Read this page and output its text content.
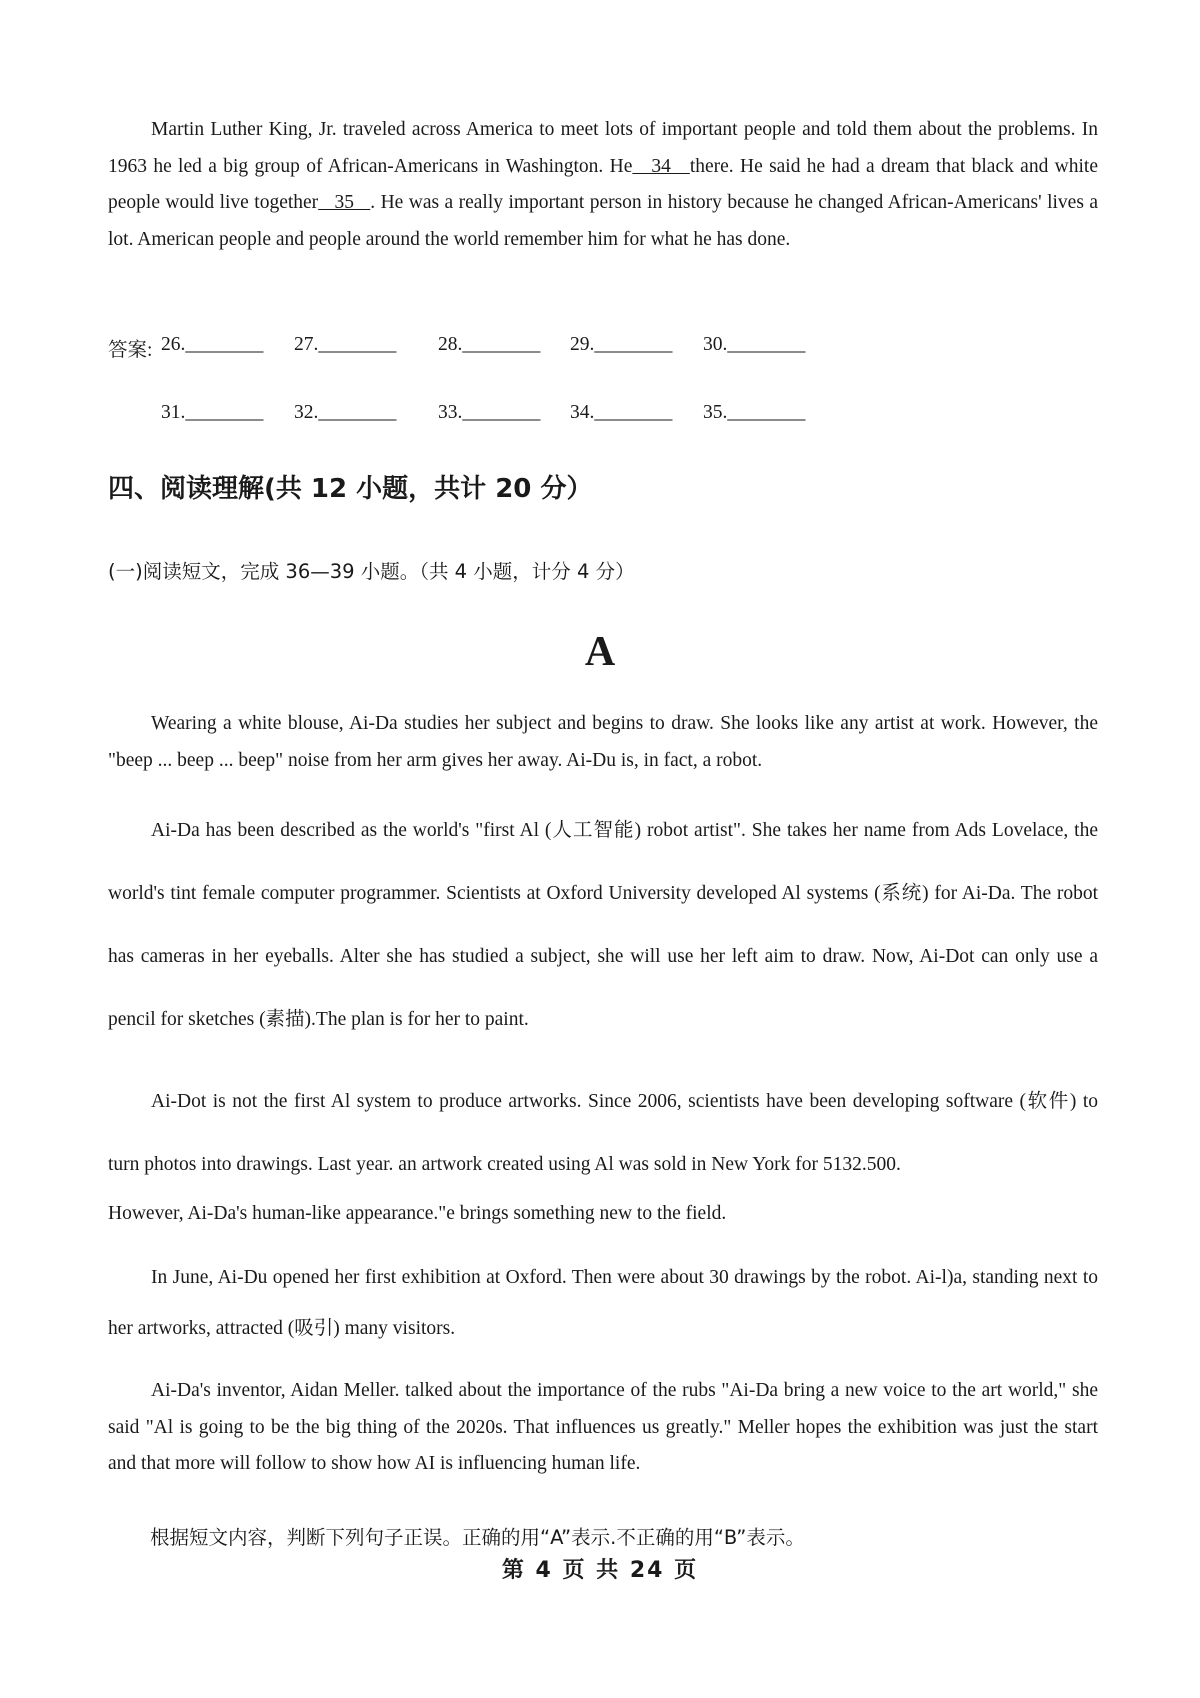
Martin Luther King, Jr. traveled across America to meet lots of important people and told them about the problems. In 1963 he led a big group of African-Americans in Washington. He   34   there. He said he had a dream that black and white people would live together   35   . He was a really important person in history because he changed African-Americans' lives a lot. American people and people around the world remember him for what he has done.

答案: 26.________ 27.________ 28.________ 29.________ 30.________
31.________ 32.________ 33.________ 34.________ 35.________
四、阅读理解(共 12 小题，共计 20 分）
(一)阅读短文，完成 36—39 小题。（共 4 小题，计分 4 分）
A

Wearing a white blouse, Ai-Da studies her subject and begins to draw. She looks like any artist at work. However, the "beep ... beep ... beep" noise from her arm gives her away. Ai-Du is, in fact, a robot.

Ai-Da has been described as the world's "first Al (人工智能) robot artist". She takes her name from Ads Lovelace, the world's tint female computer programmer. Scientists at Oxford University developed Al systems (系统) for Ai-Da. The robot has cameras in her eyeballs. Alter she has studied a subject, she will use her left aim to draw. Now, Ai-Dot can only use a pencil for sketches (素描).The plan is for her to paint.

Ai-Dot is not the first Al system to produce artworks. Since 2006, scientists have been developing software (软件) to turn photos into drawings. Last year. an artwork created using Al was sold in New York for 5132.500.

However, Ai-Da's human-like appearance."e brings something new to the field.

In June, Ai-Du opened her first exhibition at Oxford. Then were about 30 drawings by the robot. Ai-l)a, standing next to her artworks, attracted (吸引) many visitors.

Ai-Da's inventor, Aidan Meller. talked about the importance of the rubs "Ai-Da bring a new voice to the art world," she said "Al is going to be the big thing of the 2020s. That influences us greatly." Meller hopes the exhibition was just the start and that more will follow to show how AI is influencing human life.

根据短文内容，判断下列句子正误。正确的用“A”表示.不正确的用“B”表示。
第 4 页 共 24 页
